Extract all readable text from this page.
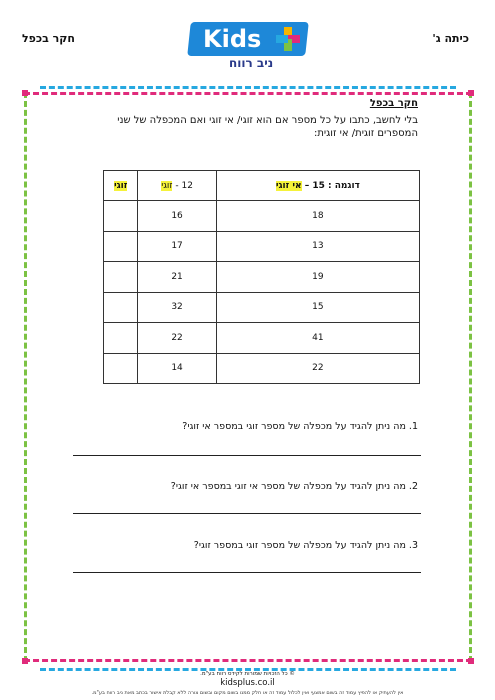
חקר בכפל	כיתה ג'
Kids
ניב רווח
חקר בכפל
בלי לחשב, כתבו על כל מספר אם הוא זוגי/ אי זוגי ואם המכפלה של שני המספרים זוגית/ אי זוגית:
דוגמה : 15 – אי זוגי	12 - זוגי	זוגי
18	16	
13	17	
19	21	
15	32	
41	22	
22	14	
1. מה ניתן להגיד על מכפלה של מספר זוגי במספר אי זוגי?
2. מה ניתן להגיד על מכפלה של מספר אי זוגי במספר אי זוגי?
3. מה ניתן להגיד על מכפלה של מספר זוגי במספר זוגי?
© כל הזכויות שמורות לקידס רווח בע"מ.
kidsplus.co.il
אין להעתיק או להפיץ עמוד זה בשום אמצעי ואין לכלול עמוד זה או חלק ממנו בשום מקום ובשום צורה ללא קבלת אישור בכתב מאת ניב רווח בע"מ.
